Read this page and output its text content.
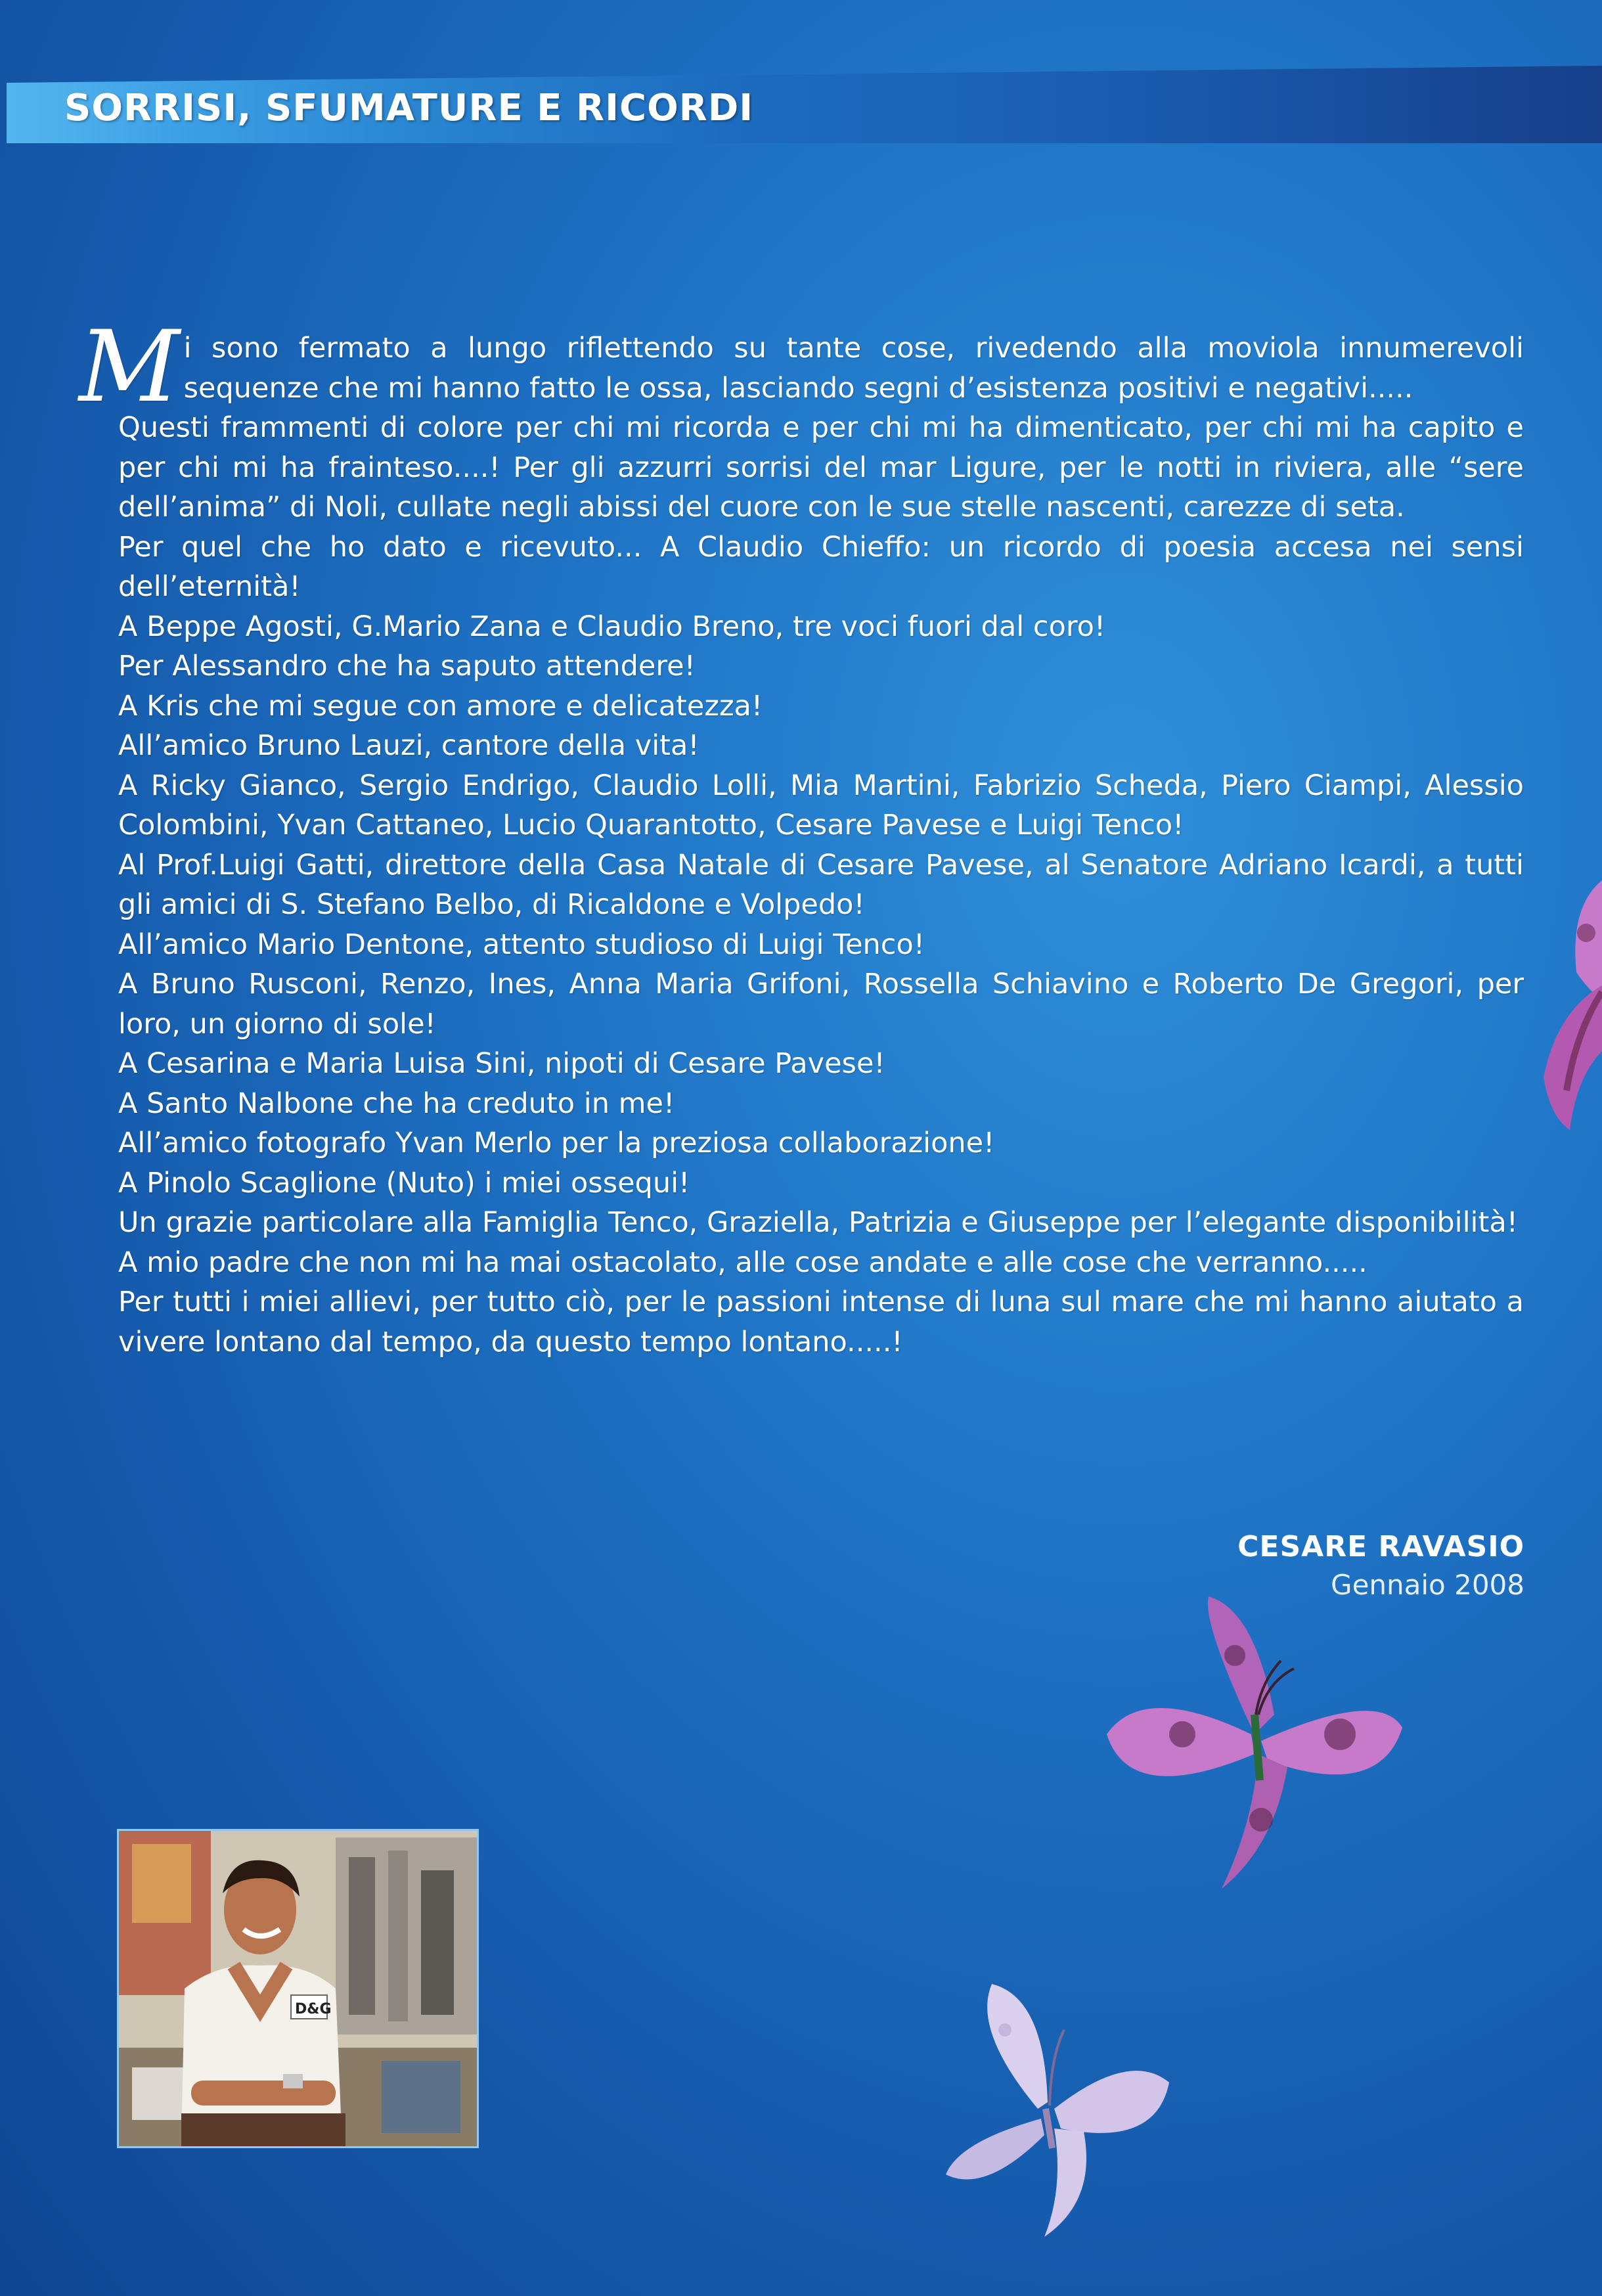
SORRISI, SFUMATURE E RICORDI

Mi sono fermato a lungo riflettendo su tante cose, rivedendo alla moviola innumerevoli sequenze che mi hanno fatto le ossa, lasciando segni d’esistenza positivi e negativi.....

Questi frammenti di colore per chi mi ricorda e per chi mi ha dimenticato, per chi mi ha capito e per chi mi ha frainteso....! Per gli azzurri sorrisi del mar Ligure, per le notti in riviera, alle “sere dell’anima” di Noli, cullate negli abissi del cuore con le sue stelle nascenti, carezze di seta.

Per quel che ho dato e ricevuto... A Claudio Chieffo: un ricordo di poesia accesa nei sensi dell’eternità!

A Beppe Agosti, G.Mario Zana e Claudio Breno, tre voci fuori dal coro!

Per Alessandro che ha saputo attendere!

A Kris che mi segue con amore e delicatezza!

All’amico Bruno Lauzi, cantore della vita!

A Ricky Gianco, Sergio Endrigo, Claudio Lolli, Mia Martini, Fabrizio Scheda, Piero Ciampi, Alessio Colombini, Yvan Cattaneo, Lucio Quarantotto, Cesare Pavese e Luigi Tenco!

Al Prof.Luigi Gatti, direttore della Casa Natale di Cesare Pavese, al Senatore Adriano Icardi, a tutti gli amici di S. Stefano Belbo, di Ricaldone e Volpedo!

All’amico Mario Dentone, attento studioso di Luigi Tenco!

A Bruno Rusconi, Renzo, Ines, Anna Maria Grifoni, Rossella Schiavino e Roberto De Gregori, per loro, un giorno di sole!

A Cesarina e Maria Luisa Sini, nipoti di Cesare Pavese!

A Santo Nalbone che ha creduto in me!

All’amico fotografo Yvan Merlo per la preziosa collaborazione!

A Pinolo Scaglione (Nuto) i miei ossequi!

Un grazie particolare alla Famiglia Tenco, Graziella, Patrizia e Giuseppe per l’elegante disponibilità!

A mio padre che non mi ha mai ostacolato, alle cose andate e alle cose che verranno.....

Per tutti i miei allievi, per tutto ciò, per le passioni intense di luna sul mare che mi hanno aiutato a vivere lontano dal tempo, da questo tempo lontano.....!

CESARE RAVASIO
Gennaio 2008
D&G
